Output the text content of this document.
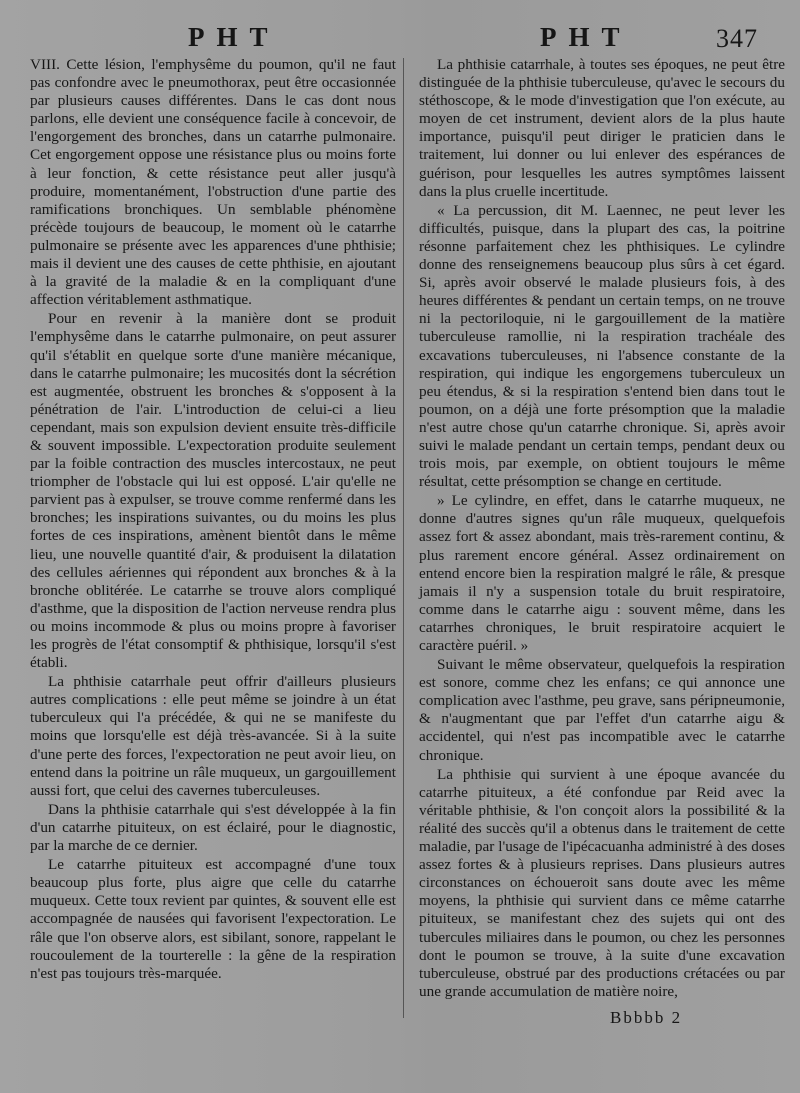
PHT	PHT	347

VIII. Cette lésion, l'emphysême du poumon, qu'il ne faut pas confondre avec le pneumothorax, peut être occasionnée par plusieurs causes différentes. Dans le cas dont nous parlons, elle devient une conséquence facile à concevoir, de l'engorgement des bronches, dans un catarrhe pulmonaire. Cet engorgement oppose une résistance plus ou moins forte à leur fonction, & cette résistance peut aller jusqu'à produire, momentanément, l'obstruction d'une partie des ramifications bronchiques. Un semblable phénomène précède toujours de beaucoup, le moment où le catarrhe pulmonaire se présente avec les apparences d'une phthisie; mais il devient une des causes de cette phthisie, en ajoutant à la gravité de la maladie & en la compliquant d'une affection véritablement asthmatique.

Pour en revenir à la manière dont se produit l'emphysême dans le catarrhe pulmonaire, on peut assurer qu'il s'établit en quelque sorte d'une manière mécanique, dans le catarrhe pulmonaire; les mucosités dont la sécrétion est augmentée, obstruent les bronches & s'opposent à la pénétration de l'air. L'introduction de celui-ci a lieu cependant, mais son expulsion devient ensuite très-difficile & souvent impossible. L'expectoration produite seulement par la foible contraction des muscles intercostaux, ne peut triompher de l'obstacle qui lui est opposé. L'air qu'elle ne parvient pas à expulser, se trouve comme renfermé dans les bronches; les inspirations suivantes, ou du moins les plus fortes de ces inspirations, amènent bientôt dans le même lieu, une nouvelle quantité d'air, & produisent la dilatation des cellules aériennes qui répondent aux bronches & à la bronche oblitérée. Le catarrhe se trouve alors compliqué d'asthme, que la disposition de l'action nerveuse rendra plus ou moins incommode & plus ou moins propre à favoriser les progrès de l'état consomptif & phthisique, lorsqu'il s'est établi.

La phthisie catarrhale peut offrir d'ailleurs plusieurs autres complications : elle peut même se joindre à un état tuberculeux qui l'a précédée, & qui ne se manifeste du moins que lorsqu'elle est déjà très-avancée. Si à la suite d'une perte des forces, l'expectoration ne peut avoir lieu, on entend dans la poitrine un râle muqueux, un gargouillement aussi fort, que celui des cavernes tuberculeuses.

Dans la phthisie catarrhale qui s'est développée à la fin d'un catarrhe pituiteux, on est éclairé, pour le diagnostic, par la marche de ce dernier.

Le catarrhe pituiteux est accompagné d'une toux beaucoup plus forte, plus aigre que celle du catarrhe muqueux. Cette toux revient par quintes, & souvent elle est accompagnée de nausées qui favorisent l'expectoration. Le râle que l'on observe alors, est sibilant, sonore, rappelant le roucoulement de la tourterelle : la gêne de la respiration n'est pas toujours très-marquée.

La phthisie catarrhale, à toutes ses époques, ne peut être distinguée de la phthisie tuberculeuse, qu'avec le secours du stéthoscope, & le mode d'investigation que l'on exécute, au moyen de cet instrument, devient alors de la plus haute importance, puisqu'il peut diriger le praticien dans le traitement, lui donner ou lui enlever des espérances de guérison, pour lesquelles les autres symptômes laissent dans la plus cruelle incertitude.

« La percussion, dit M. Laennec, ne peut lever les difficultés, puisque, dans la plupart des cas, la poitrine résonne parfaitement chez les phthisiques. Le cylindre donne des renseignemens beaucoup plus sûrs à cet égard. Si, après avoir observé le malade plusieurs fois, à des heures différentes & pendant un certain temps, on ne trouve ni la pectoriloquie, ni le gargouillement de la matière tuberculeuse ramollie, ni la respiration trachéale des excavations tuberculeuses, ni l'absence constante de la respiration, qui indique les engorgemens tuberculeux un peu étendus, & si la respiration s'entend bien dans tout le poumon, on a déjà une forte présomption que la maladie n'est autre chose qu'un catarrhe chronique. Si, après avoir suivi le malade pendant un certain temps, pendant deux ou trois mois, par exemple, on obtient toujours le même résultat, cette présomption se change en certitude.

» Le cylindre, en effet, dans le catarrhe muqueux, ne donne d'autres signes qu'un râle muqueux, quelquefois assez fort & assez abondant, mais très-rarement continu, & plus rarement encore général. Assez ordinairement on entend encore bien la respiration malgré le râle, & presque jamais il n'y a suspension totale du bruit respiratoire, comme dans le catarrhe aigu : souvent même, dans les catarrhes chroniques, le bruit respiratoire acquiert le caractère puéril. »

Suivant le même observateur, quelquefois la respiration est sonore, comme chez les enfans; ce qui annonce une complication avec l'asthme, peu grave, sans péripneumonie, & n'augmentant que par l'effet d'un catarrhe aigu & accidentel, qui n'est pas incompatible avec le catarrhe chronique.

La phthisie qui survient à une époque avancée du catarrhe pituiteux, a été confondue par Reid avec la véritable phthisie, & l'on conçoit alors la possibilité & la réalité des succès qu'il a obtenus dans le traitement de cette maladie, par l'usage de l'ipécacuanha administré à des doses assez fortes & à plusieurs reprises. Dans plusieurs autres circonstances on échoueroit sans doute avec les même moyens, la phthisie qui survient dans ce même catarrhe pituiteux, se manifestant chez des sujets qui ont des tubercules miliaires dans le poumon, ou chez les personnes dont le poumon se trouve, à la suite d'une excavation tuberculeuse, obstrué par des productions crétacées ou par une grande accumulation de matière noire,

Bbbbb 2
